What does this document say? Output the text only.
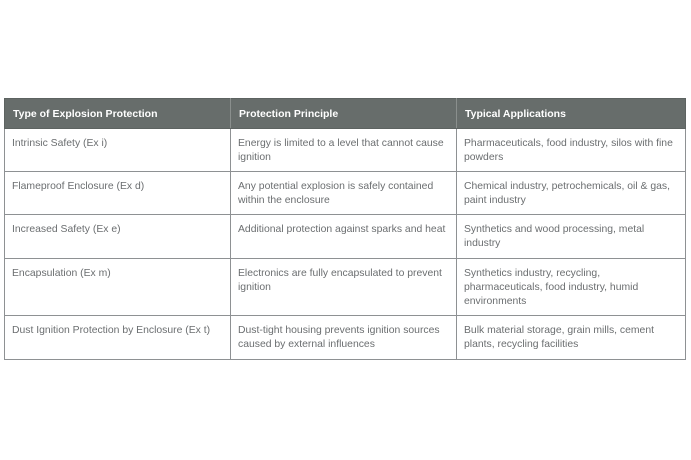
Type of Explosion Protection	Protection Principle	Typical Applications
Intrinsic Safety (Ex i)	Energy is limited to a level that cannot cause ignition	Pharmaceuticals, food industry, silos with fine powders
Flameproof Enclosure (Ex d)	Any potential explosion is safely contained within the enclosure	Chemical industry, petrochemicals, oil & gas, paint industry
Increased Safety (Ex e)	Additional protection against sparks and heat	Synthetics and wood processing, metal industry
Encapsulation (Ex m)	Electronics are fully encapsulated to prevent ignition	Synthetics industry, recycling, pharmaceuticals, food industry, humid environments
Dust Ignition Protection by Enclosure (Ex t)	Dust-tight housing prevents ignition sources caused by external influences	Bulk material storage, grain mills, cement plants, recycling facilities
